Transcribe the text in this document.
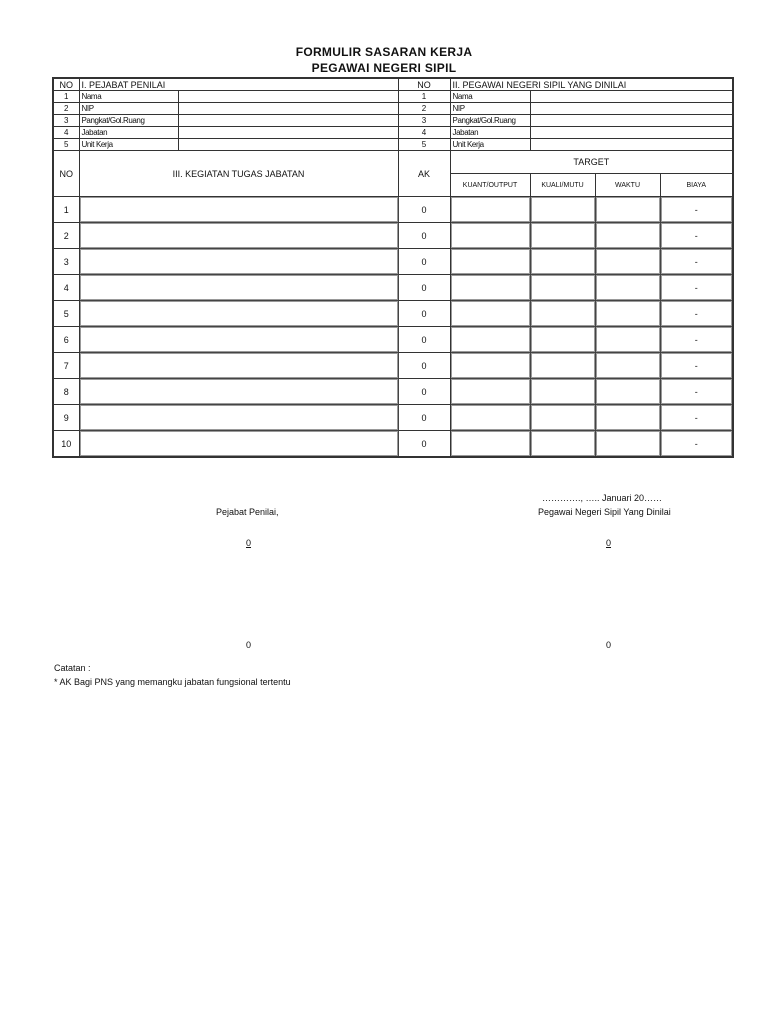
FORMULIR SASARAN KERJA
PEGAWAI NEGERI SIPIL
NO	I. PEJABAT PENILAI		NO	II. PEGAWAI NEGERI SIPIL YANG DINILAI			
1	Nama		1	Nama			
2	NIP		2	NIP			
3	Pangkat/Gol.Ruang		3	Pangkat/Gol.Ruang			
4	Jabatan		4	Jabatan			
5	Unit Kerja		5	Unit Kerja			
NO	III. KEGIATAN TUGAS JABATAN		AK	TARGET			
				KUANT/OUTPUT	KUALI/MUTU	WAKTU	BIAYA
1			0				-
2			0				-
3			0				-
4			0				-
5			0				-
6			0				-
7			0				-
8			0				-
9			0				-
10			0				-
…………., ….. Januari 20……
Pejabat Penilai,	Pegawai Negeri Sipil Yang Dinilai
0	0
0	0
Catatan :
* AK Bagi PNS yang memangku jabatan fungsional tertentu
